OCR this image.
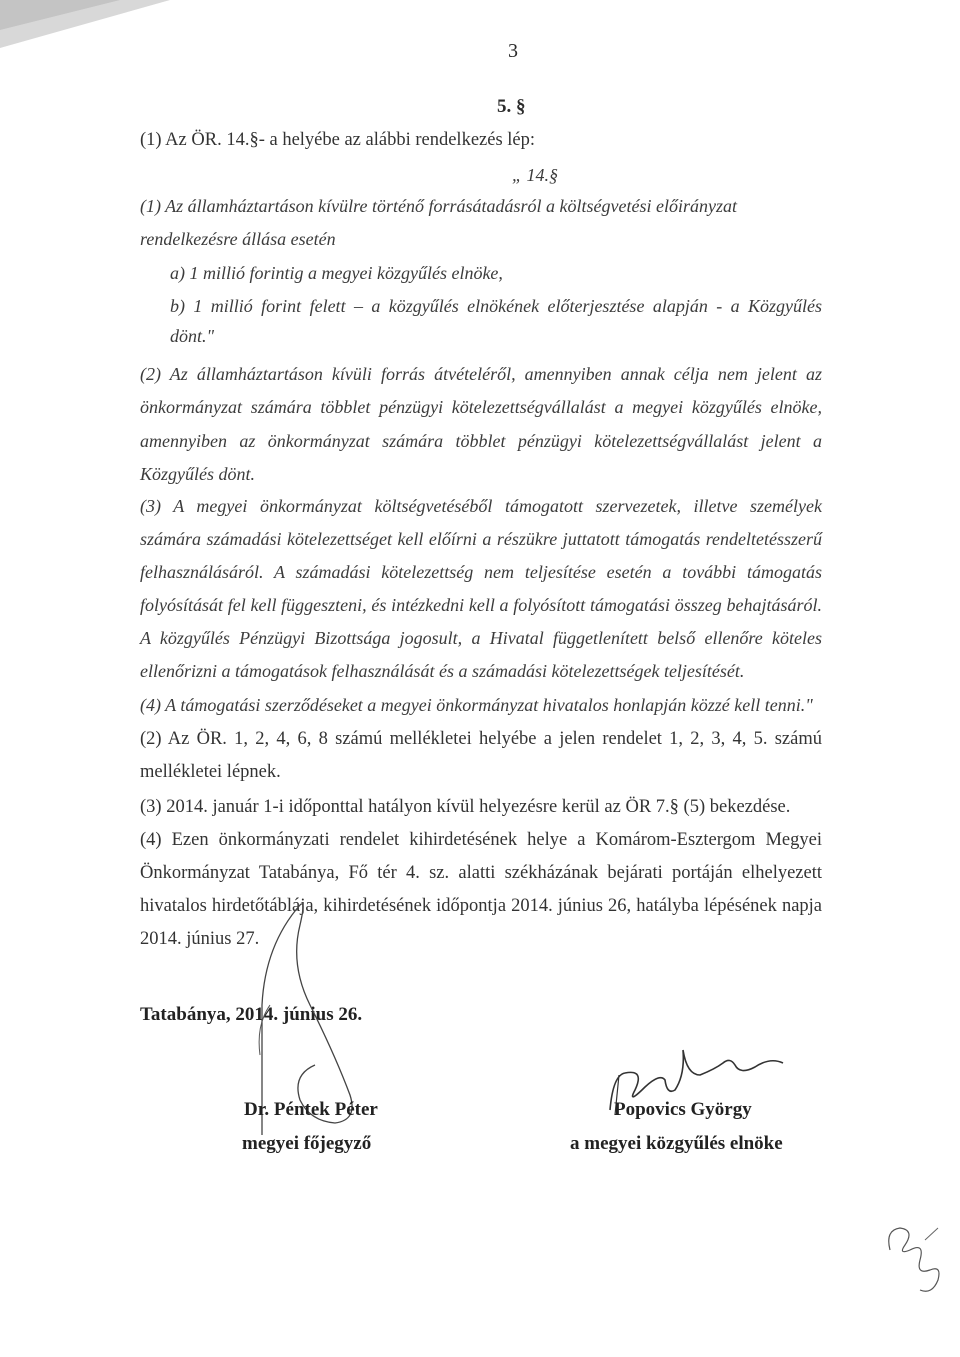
3
5. §
(1) Az ÖR. 14.§- a helyébe az alábbi rendelkezés lép:
„ 14.§
(1) Az államháztartáson kívülre történő forrásátadásról a költségvetési előirányzat
rendelkezésre állása esetén
a) 1 millió forintig a megyei közgyűlés elnöke,
b) 1 millió forint felett – a közgyűlés elnökének előterjesztése alapján - a Közgyűlés
dönt."
(2) Az államháztartáson kívüli forrás átvételéről, amennyiben annak célja nem jelent az
önkormányzat számára többlet pénzügyi kötelezettségvállalást a megyei közgyűlés elnöke,
amennyiben az önkormányzat számára többlet pénzügyi kötelezettségvállalást jelent a
Közgyűlés dönt.
(3) A megyei önkormányzat költségvetéséből támogatott szervezetek, illetve személyek
számára számadási kötelezettséget kell előírni a részükre juttatott támogatás rendeltetésszerű
felhasználásáról. A számadási kötelezettség nem teljesítése esetén a további támogatás
folyósítását fel kell függeszteni, és intézkedni kell a folyósított támogatási összeg behajtásáról.
A közgyűlés Pénzügyi Bizottsága jogosult, a Hivatal függetlenített belső ellenőre köteles
ellenőrizni a támogatások felhasználását és a számadási kötelezettségek teljesítését.
(4) A támogatási szerződéseket a megyei önkormányzat hivatalos honlapján közzé kell tenni."
(2) Az ÖR. 1, 2, 4, 6, 8 számú mellékletei helyébe a jelen rendelet 1, 2, 3, 4, 5. számú
mellékletei lépnek.
(3) 2014. január 1-i időponttal hatályon kívül helyezésre kerül az ÖR 7.§ (5) bekezdése.
(4) Ezen önkormányzati rendelet kihirdetésének helye a Komárom-Esztergom Megyei
Önkormányzat Tatabánya, Fő tér 4. sz. alatti székházának bejárati portáján elhelyezett
hivatalos hirdetőtáblája, kihirdetésének időpontja 2014. június 26, hatályba lépésének napja
2014. június 27.
Tatabánya, 2014. június 26.
Dr. Péntek Péter
megyei főjegyző
Popovics György
a megyei közgyűlés elnöke
